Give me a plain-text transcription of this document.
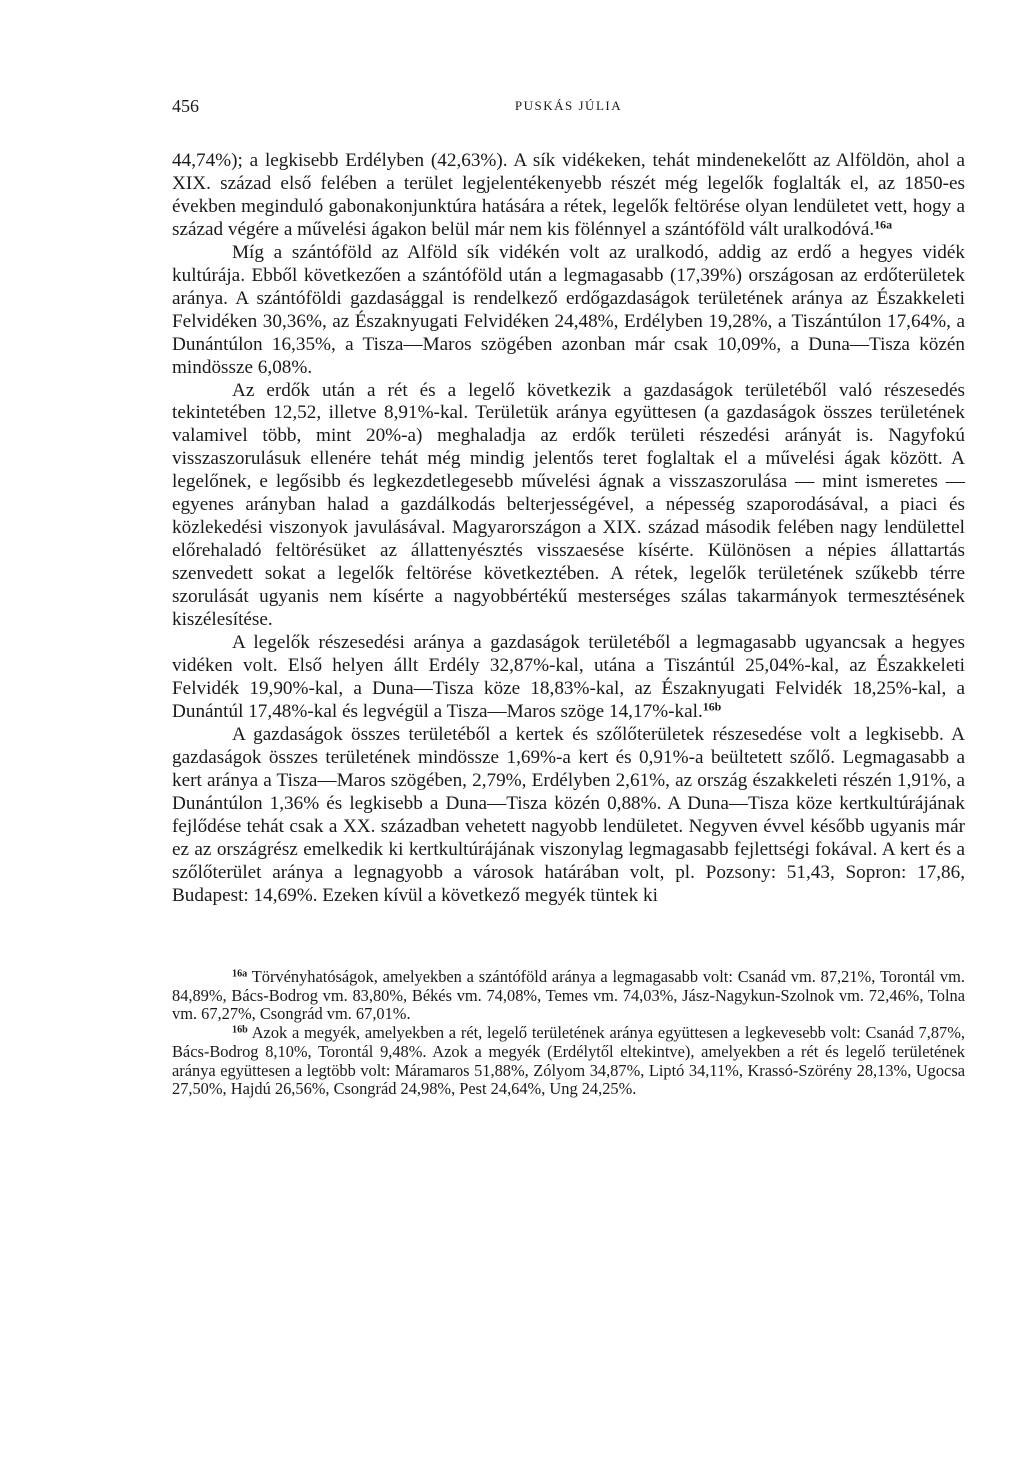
456	PUSKÁS JÚLIA

44,74%); a legkisebb Erdélyben (42,63%). A sík vidékeken, tehát mindenekelőtt az Alföldön, ahol a XIX. század első felében a terület legjelentékenyebb részét még legelők foglalták el, az 1850-es években meginduló gabonakonjunktúra hatására a rétek, legelők feltörése olyan lendületet vett, hogy a század végére a művelési ágakon belül már nem kis fölénnyel a szántóföld vált uralkodóvá.$^{16a}$

Míg a szántóföld az Alföld sík vidékén volt az uralkodó, addig az erdő a hegyes vidék kultúrája. Ebből következően a szántóföld után a legmagasabb (17,39%) országosan az erdőterületek aránya. A szántóföldi gazdasággal is rendelkező erdőgazdaságok területének aránya az Északkeleti Felvidéken 30,36%, az Északnyugati Felvidéken 24,48%, Erdélyben 19,28%, a Tiszántúlon 17,64%, a Dunántúlon 16,35%, a Tisza—Maros szögében azonban már csak 10,09%, a Duna—Tisza közén mindössze 6,08%.

Az erdők után a rét és a legelő következik a gazdaságok területéből való részesedés tekintetében 12,52, illetve 8,91%-kal. Területük aránya együttesen (a gazdaságok összes területének valamivel több, mint 20%-a) meghaladja az erdők területi részedési arányát is. Nagyfokú visszaszorulásuk ellenére tehát még mindig jelentős teret foglaltak el a művelési ágak között. A legelőnek, e legősibb és legkezdetlegesebb művelési ágnak a visszaszorulása — mint ismeretes — egyenes arányban halad a gazdálkodás belterjességével, a népesség szaporodásával, a piaci és közlekedési viszonyok javulásával. Magyarországon a XIX. század második felében nagy lendülettel előrehaladó feltörésüket az állattenyésztés visszaesése kísérte. Különösen a népies állattartás szenvedett sokat a legelők feltörése következtében. A rétek, legelők területének szűkebb térre szorulását ugyanis nem kísérte a nagyobbértékű mesterséges szálas takarmányok termesztésének kiszélesítése.

A legelők részesedési aránya a gazdaságok területéből a legmagasabb ugyancsak a hegyes vidéken volt. Első helyen állt Erdély 32,87%-kal, utána a Tiszántúl 25,04%-kal, az Északkeleti Felvidék 19,90%-kal, a Duna—Tisza köze 18,83%-kal, az Északnyugati Felvidék 18,25%-kal, a Dunántúl 17,48%-kal és legvégül a Tisza—Maros szöge 14,17%-kal.$^{16b}$

A gazdaságok összes területéből a kertek és szőlőterületek részesedése volt a legkisebb. A gazdaságok összes területének mindössze 1,69%-a kert és 0,91%-a beültetett szőlő. Legmagasabb a kert aránya a Tisza—Maros szögében, 2,79%, Erdélyben 2,61%, az ország északkeleti részén 1,91%, a Dunántúlon 1,36% és legkisebb a Duna—Tisza közén 0,88%. A Duna—Tisza köze kertkultúrájának fejlődése tehát csak a XX. században vehetett nagyobb lendületet. Negyven évvel később ugyanis már ez az országrész emelkedik ki kertkultúrájának viszonylag legmagasabb fejlettségi fokával. A kert és a szőlőterület aránya a legnagyobb a városok határában volt, pl. Pozsony: 51,43, Sopron: 17,86, Budapest: 14,69%. Ezeken kívül a következő megyék tüntek ki

$^{16a}$ Törvényhatóságok, amelyekben a szántóföld aránya a legmagasabb volt: Csanád vm. 87,21%, Torontál vm. 84,89%, Bács-Bodrog vm. 83,80%, Békés vm. 74,08%, Temes vm. 74,03%, Jász-Nagykun-Szolnok vm. 72,46%, Tolna vm. 67,27%, Csongrád vm. 67,01%.

$^{16b}$ Azok a megyék, amelyekben a rét, legelő területének aránya együttesen a legkevesebb volt: Csanád 7,87%, Bács-Bodrog 8,10%, Torontál 9,48%. Azok a megyék (Erdélytől eltekintve), amelyekben a rét és legelő területének aránya együttesen a legtöbb volt: Máramaros 51,88%, Zólyom 34,87%, Liptó 34,11%, Krassó-Szörény 28,13%, Ugocsa 27,50%, Hajdú 26,56%, Csongrád 24,98%, Pest 24,64%, Ung 24,25%.
